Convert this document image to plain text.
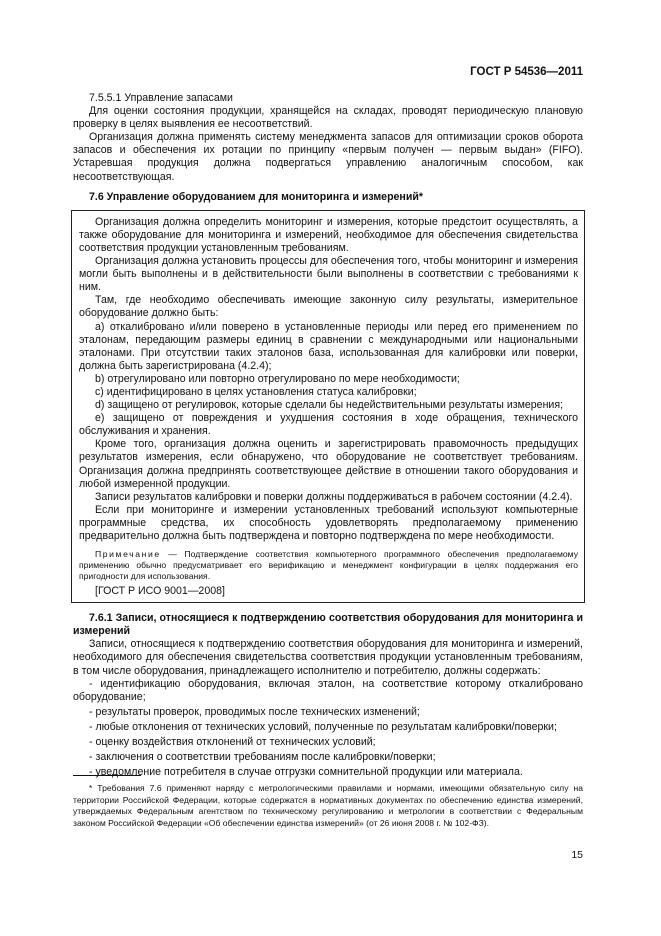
ГОСТ Р 54536—2011

7.5.5.1 Управление запасами

Для оценки состояния продукции, хранящейся на складах, проводят периодическую плановую проверку в целях выявления ее несоответствий.

Организация должна применять систему менеджмента запасов для оптимизации сроков оборота запасов и обеспечения их ротации по принципу «первым получен — первым выдан» (FIFO). Устаревшая продукция должна подвергаться управлению аналогичным способом, как несоответствующая.

7.6 Управление оборудованием для мониторинга и измерений*

Организация должна определить мониторинг и измерения, которые предстоит осуществлять, а также оборудование для мониторинга и измерений, необходимое для обеспечения свидетельства соответствия продукции установленным требованиям.

Организация должна установить процессы для обеспечения того, чтобы мониторинг и измерения могли быть выполнены и в действительности были выполнены в соответствии с требованиями к ним.

Там, где необходимо обеспечивать имеющие законную силу результаты, измерительное оборудование должно быть:

a) откалибровано и/или поверено в установленные периоды или перед его применением по эталонам, передающим размеры единиц в сравнении с международными или национальными эталонами. При отсутствии таких эталонов база, использованная для калибровки или поверки, должна быть зарегистрирована (4.2.4);

b) отрегулировано или повторно отрегулировано по мере необходимости;

c) идентифицировано в целях установления статуса калибровки;

d) защищено от регулировок, которые сделали бы недействительными результаты измерения;

e) защищено от повреждения и ухудшения состояния в ходе обращения, технического обслуживания и хранения.

Кроме того, организация должна оценить и зарегистрировать правомочность предыдущих результатов измерения, если обнаружено, что оборудование не соответствует требованиям. Организация должна предпринять соответствующее действие в отношении такого оборудования и любой измеренной продукции.

Записи результатов калибровки и поверки должны поддерживаться в рабочем состоянии (4.2.4).

Если при мониторинге и измерении установленных требований используют компьютерные программные средства, их способность удовлетворять предполагаемому применению предварительно должна быть подтверждена и повторно подтверждена по мере необходимости.

Примечание — Подтверждение соответствия компьютерного программного обеспечения предполагаемому применению обычно предусматривает его верификацию и менеджмент конфигурации в целях поддержания его пригодности для использования.

[ГОСТ Р ИСО 9001—2008]

7.6.1 Записи, относящиеся к подтверждению соответствия оборудования для мониторинга и измерений

Записи, относящиеся к подтверждению соответствия оборудования для мониторинга и измерений, необходимого для обеспечения свидетельства соответствия продукции установленным требованиям, в том числе оборудования, принадлежащего исполнителю и потребителю, должны содержать:

- идентификацию оборудования, включая эталон, на соответствие которому откалибровано оборудование;

- результаты проверок, проводимых после технических изменений;

- любые отклонения от технических условий, полученные по результатам калибровки/поверки;

- оценку воздействия отклонений от технических условий;

- заключения о соответствии требованиям после калибровки/поверки;

- уведомление потребителя в случае отгрузки сомнительной продукции или материала.

* Требования 7.6 применяют наряду с метрологическими правилами и нормами, имеющими обязательную силу на территории Российской Федерации, которые содержатся в нормативных документах по обеспечению единства измерений, утверждаемых Федеральным агентством по техническому регулированию и метрологии в соответствии с Федеральным законом Российской Федерации «Об обеспечении единства измерений» (от 26 июня 2008 г. № 102-ФЗ).

15
